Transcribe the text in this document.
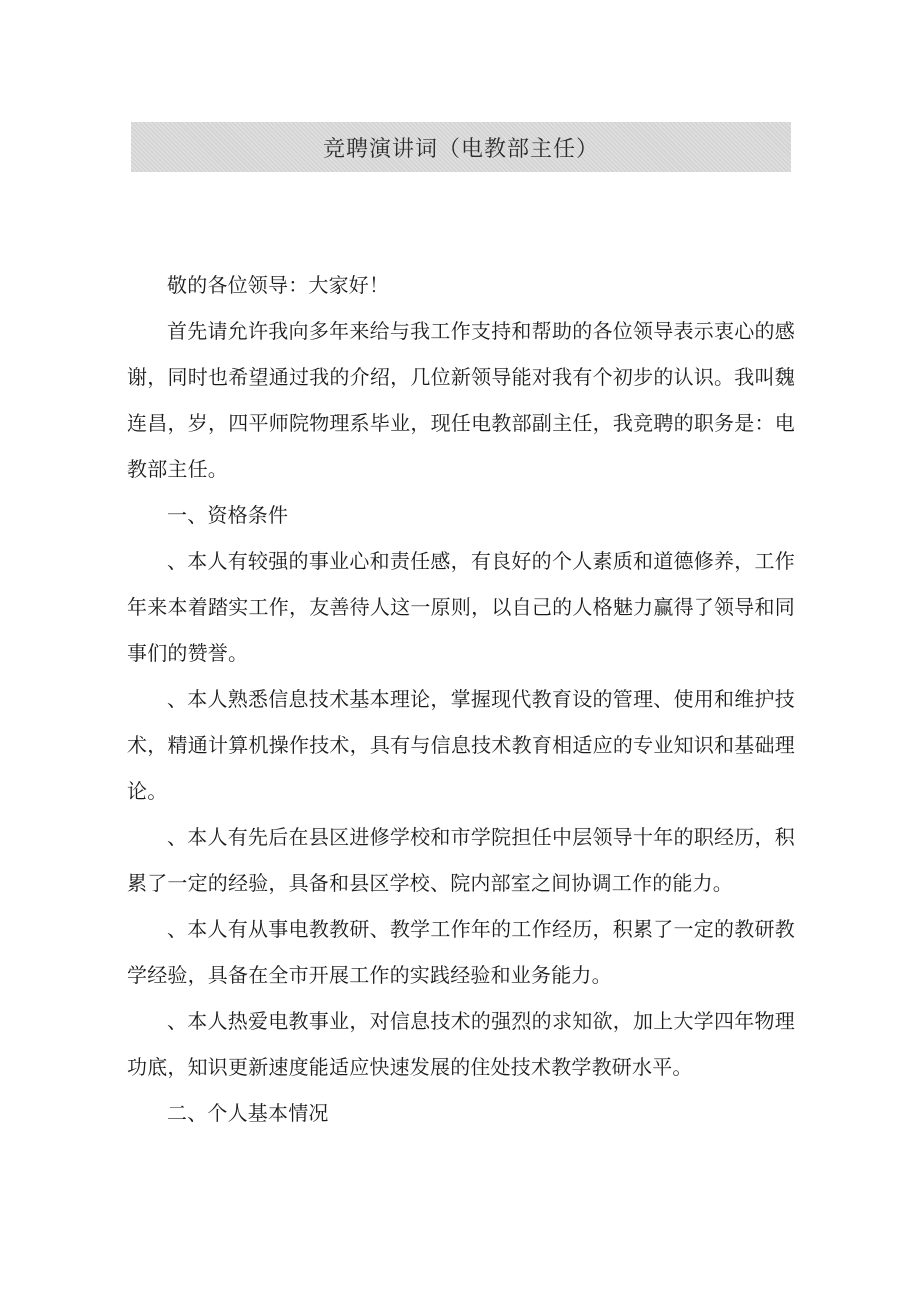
竞聘演讲词（电教部主任）

敬的各位领导：大家好！

首先请允许我向多年来给与我工作支持和帮助的各位领导表示衷心的感谢，同时也希望通过我的介绍，几位新领导能对我有个初步的认识。我叫魏连昌，岁，四平师院物理系毕业，现任电教部副主任，我竞聘的职务是：电教部主任。

一、资格条件

、本人有较强的事业心和责任感，有良好的个人素质和道德修养，工作年来本着踏实工作，友善待人这一原则，以自己的人格魅力赢得了领导和同事们的赞誉。

、本人熟悉信息技术基本理论，掌握现代教育设的管理、使用和维护技术，精通计算机操作技术，具有与信息技术教育相适应的专业知识和基础理论。

、本人有先后在县区进修学校和市学院担任中层领导十年的职经历，积累了一定的经验，具备和县区学校、院内部室之间协调工作的能力。

、本人有从事电教教研、教学工作年的工作经历，积累了一定的教研教学经验，具备在全市开展工作的实践经验和业务能力。

、本人热爱电教事业，对信息技术的强烈的求知欲，加上大学四年物理功底，知识更新速度能适应快速发展的住处技术教学教研水平。

二、个人基本情况
